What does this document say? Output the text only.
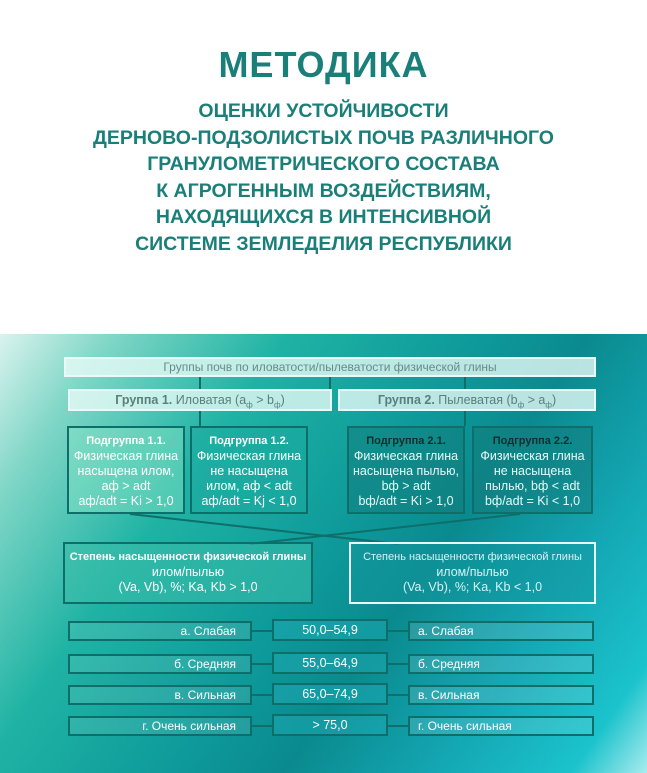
МЕТОДИКА
ОЦЕНКИ УСТОЙЧИВОСТИ
ДЕРНОВО-ПОДЗОЛИСТЫХ ПОЧВ РАЗЛИЧНОГО
ГРАНУЛОМЕТРИЧЕСКОГО СОСТАВА
К АГРОГЕННЫМ ВОЗДЕЙСТВИЯМ,
НАХОДЯЩИХСЯ В ИНТЕНСИВНОЙ
СИСТЕМЕ ЗЕМЛЕДЕЛИЯ РЕСПУБЛИКИ
Группы почв по иловатости/пылеватости физической глины
Группа 1. Иловатая $(a_ф > b_ф)$	Группа 2. Пылеватая $(b_ф > a_ф)$
Подгруппа 1.1.
Физическая глина
насыщена илом,
aф > adt
aф/adt = Ki > 1,0
Подгруппа 1.2.
Физическая глина
не насыщена
илом, aф < adt
aф/adt = Kj < 1,0
Подгруппа 2.1.
Физическая глина
насыщена пылью,
bф > adt
bф/adt = Ki > 1,0
Подгруппа 2.2.
Физическая глина
не насыщена
пылью, bф < adt
bф/adt = Ki < 1,0
Степень насыщенности физической глины
илом/пылью
(Va, Vb), %; Ka, Kb > 1,0
Степень насыщенности физической глины
илом/пылью
(Va, Vb), %; Ka, Kb < 1,0
а. Слабая	50,0–54,9	а. Слабая
б. Средняя	55,0–64,9	б. Средняя
в. Сильная	65,0–74,9	в. Сильная
г. Очень сильная	> 75,0	г. Очень сильная
